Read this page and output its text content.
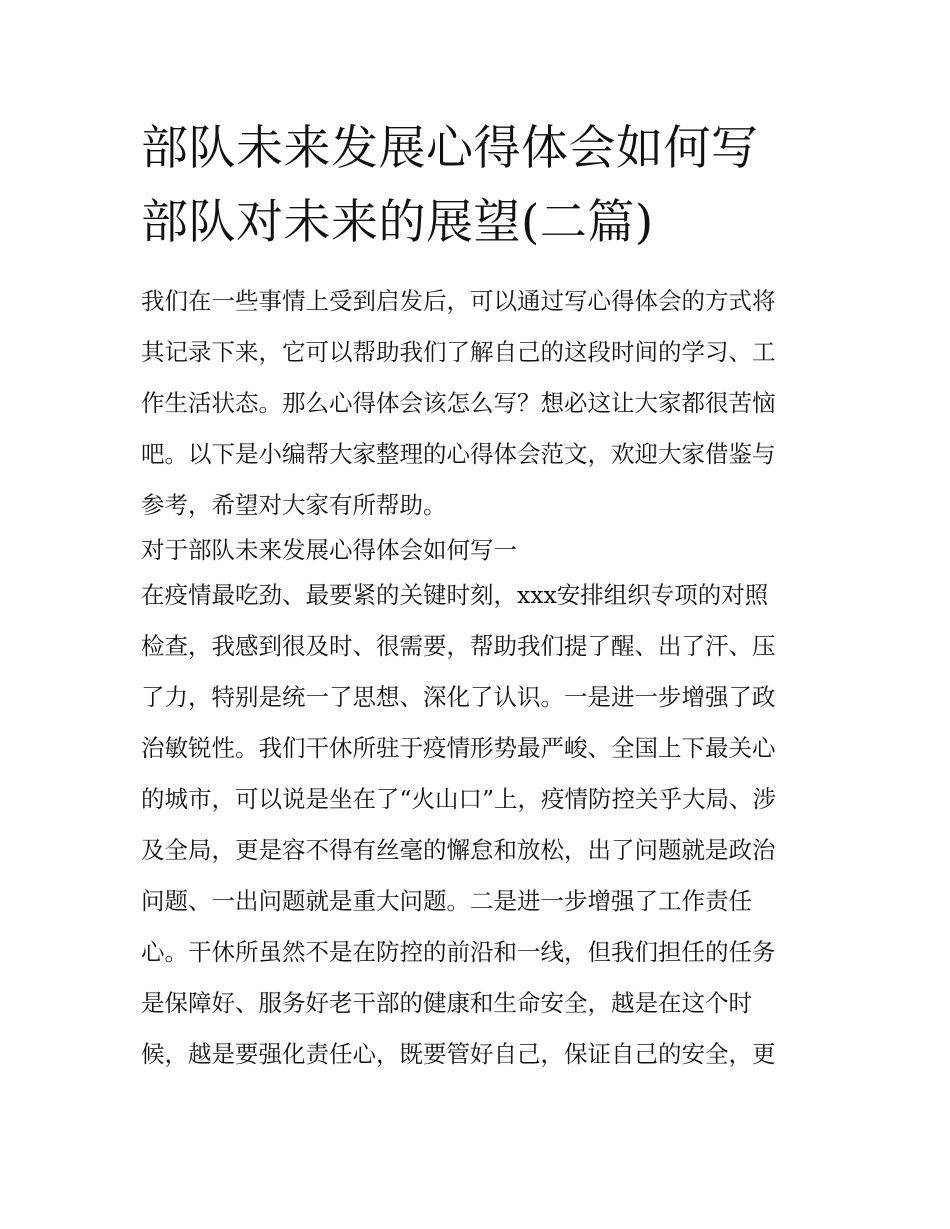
部队未来发展心得体会如何写
部队对未来的展望(二篇)
我们在一些事情上受到启发后，可以通过写心得体会的方式将
其记录下来，它可以帮助我们了解自己的这段时间的学习、工
作生活状态。那么心得体会该怎么写？想必这让大家都很苦恼
吧。以下是小编帮大家整理的心得体会范文，欢迎大家借鉴与
参考，希望对大家有所帮助。
对于部队未来发展心得体会如何写一
在疫情最吃劲、最要紧的关键时刻，xxx安排组织专项的对照
检查，我感到很及时、很需要，帮助我们提了醒、出了汗、压
了力，特别是统一了思想、深化了认识。一是进一步增强了政
治敏锐性。我们干休所驻于疫情形势最严峻、全国上下最关心
的城市，可以说是坐在了“火山口”上，疫情防控关乎大局、涉
及全局，更是容不得有丝毫的懈怠和放松，出了问题就是政治
问题、一出问题就是重大问题。二是进一步增强了工作责任
心。干休所虽然不是在防控的前沿和一线，但我们担任的任务
是保障好、服务好老干部的健康和生命安全，越是在这个时
候，越是要强化责任心，既要管好自己，保证自己的安全，更
